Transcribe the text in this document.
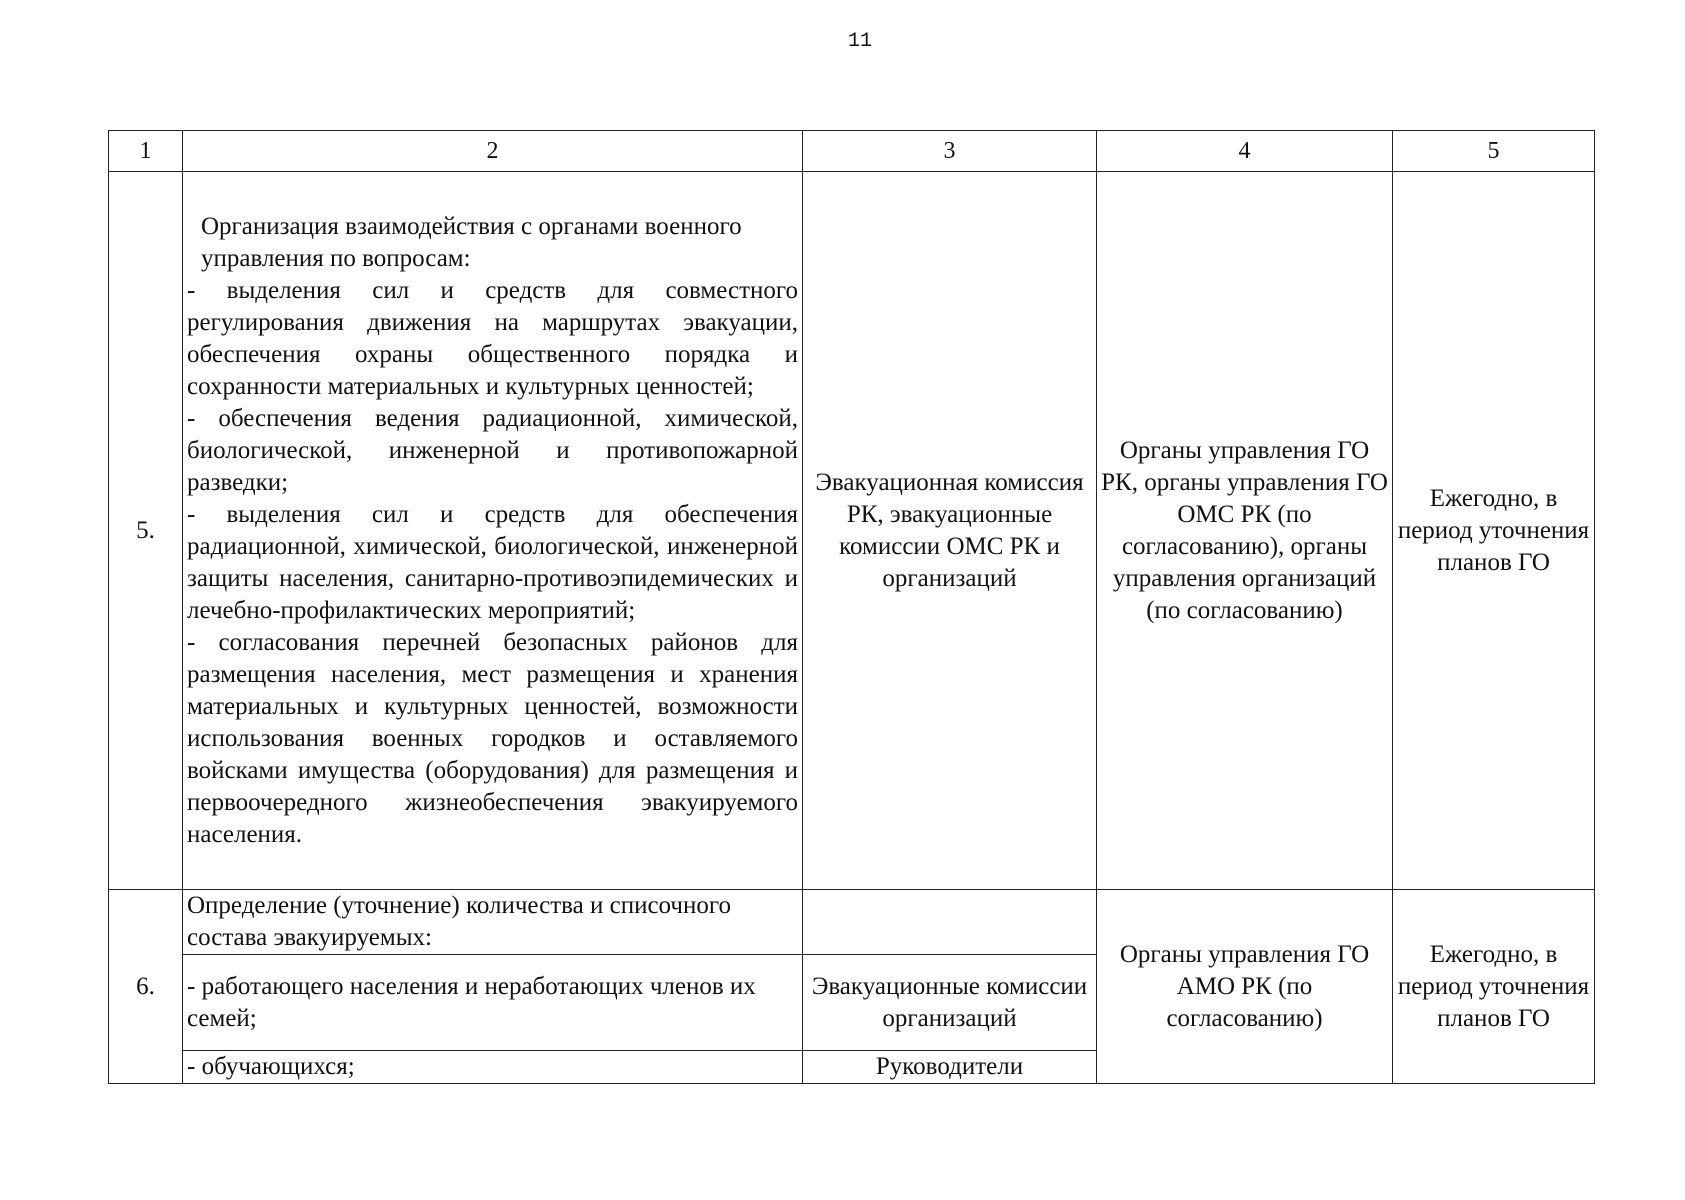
11
1	2	3	4	5
5.	Организация взаимодействия с органами военного управления по вопросам:
- выделения сил и средств для совместного регулирования движения на маршрутах эвакуации, обеспечения охраны общественного порядка и сохранности материальных и культурных ценностей;
- обеспечения ведения радиационной, химической, биологической, инженерной и противопожарной разведки;
- выделения сил и средств для обеспечения радиационной, химической, биологической, инженерной защиты населения, санитарно-противоэпидемических и лечебно-профилактических мероприятий;
- согласования перечней безопасных районов для размещения населения, мест размещения и хранения материальных и культурных ценностей, возможности использования военных городков и оставляемого войсками имущества (оборудования) для размещения и первоочередного жизнеобеспечения эвакуируемого населения.	Эвакуационная комиссия РК, эвакуационные комиссии ОМС РК и организаций	Органы управления ГО РК, органы управления ГО ОМС РК (по согласованию), органы управления организаций (по согласованию)	Ежегодно, в период уточнения планов ГО
6.	Определение (уточнение) количества и списочного состава эвакуируемых:		Органы управления ГО АМО РК (по согласованию)	Ежегодно, в период уточнения планов ГО
	- работающего населения и неработающих членов их семей;	Эвакуационные комиссии организаций		
	- обучающихся;	Руководители		
